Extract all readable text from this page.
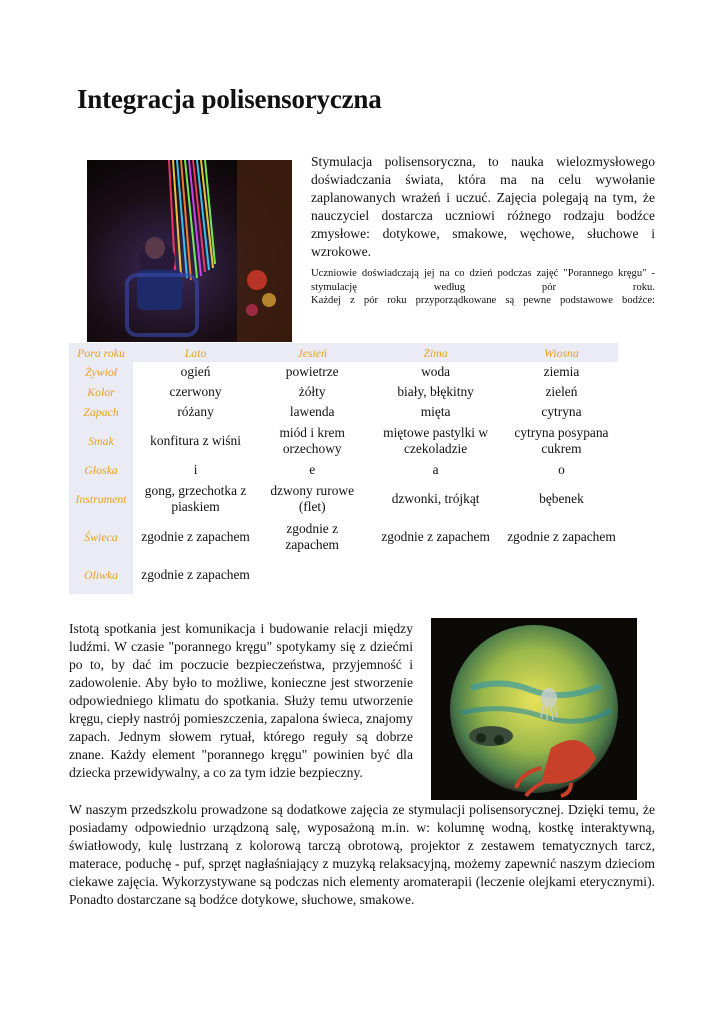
Integracja polisensoryczna
Stymulacja polisensoryczna, to nauka wielozmysłowego doświadczania świata, która ma na celu wywołanie zaplanowanych wrażeń i uczuć. Zajęcia polegają na tym, że nauczyciel dostarcza uczniowi różnego rodzaju bodźce zmysłowe: dotykowe, smakowe, węchowe, słuchowe i wzrokowe.

Uczniowie doświadczają jej na co dzień podczas zajęć "Porannego kręgu" -

stymulację według pór roku.

Każdej z pór roku przyporządkowane są pewne podstawowe bodźce:

Pora roku	Lato	Jesień	Zima	Wiosna
Żywioł	ogień	powietrze	woda	ziemia
Kolor	czerwony	żółty	biały, błękitny	zieleń
Zapach	różany	lawenda	mięta	cytryna
Smak	konfitura z wiśni	miód i krem orzechowy	miętowe pastylki w czekoladzie	cytryna posypana cukrem
Głoska	i	e	a	o
Instrument	gong, grzechotka z piaskiem	dzwony rurowe (flet)	dzwonki, trójkąt	bębenek
Świeca	zgodnie z zapachem	zgodnie z zapachem	zgodnie z zapachem	zgodnie z zapachem
Oliwka	zgodnie z zapachem			
Istotą spotkania jest komunikacja i budowanie relacji między ludźmi. W czasie "porannego kręgu" spotykamy się z dziećmi po to, by dać im poczucie bezpieczeństwa, przyjemność i zadowolenie. Aby było to możliwe, konieczne jest stworzenie odpowiedniego klimatu do spotkania. Służy temu utworzenie kręgu, ciepły nastrój pomieszczenia, zapalona świeca, znajomy zapach. Jednym słowem rytuał, którego reguły są dobrze znane. Każdy element "porannego kręgu" powinien być dla dziecka przewidywalny, a co za tym idzie bezpieczny.
W naszym przedszkolu prowadzone są dodatkowe zajęcia ze stymulacji polisensorycznej. Dzięki temu, że posiadamy odpowiednio urządzoną salę, wyposażoną m.in. w: kolumnę wodną, kostkę interaktywną, światłowody, kulę lustrzaną z kolorową tarczą obrotową, projektor z zestawem tematycznych tarcz, materace, poduchę - puf, sprzęt nagłaśniający z muzyką relaksacyjną, możemy zapewnić naszym dzieciom ciekawe zajęcia. Wykorzystywane są podczas nich elementy aromaterapii (leczenie olejkami eterycznymi). Ponadto dostarczane są bodźce dotykowe, słuchowe, smakowe.
